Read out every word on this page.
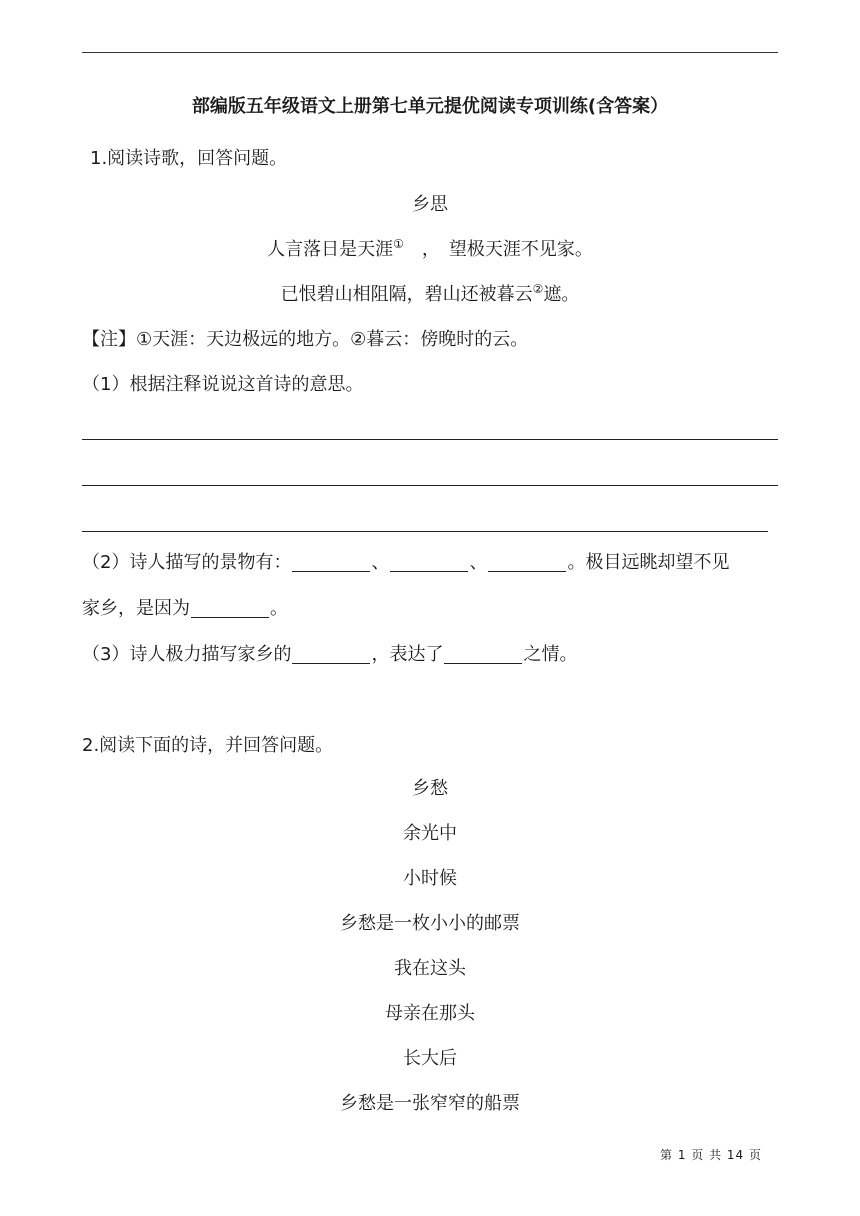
部编版五年级语文上册第七单元提优阅读专项训练(含答案）
1.阅读诗歌，回答问题。
乡思
人言落日是天涯①　，　望极天涯不见家。
已恨碧山相阻隔，碧山还被暮云②遮。
【注】①天涯：天边极远的地方。②暮云：傍晚时的云。
（1）根据注释说说这首诗的意思。
（2）诗人描写的景物有：	、	、	。极目远眺却望不见
家乡，是因为	。
（3）诗人极力描写家乡的	，表达了	之情。
2.阅读下面的诗，并回答问题。
乡愁
余光中
小时候
乡愁是一枚小小的邮票
我在这头
母亲在那头
长大后
乡愁是一张窄窄的船票
第 1 页 共 14 页
